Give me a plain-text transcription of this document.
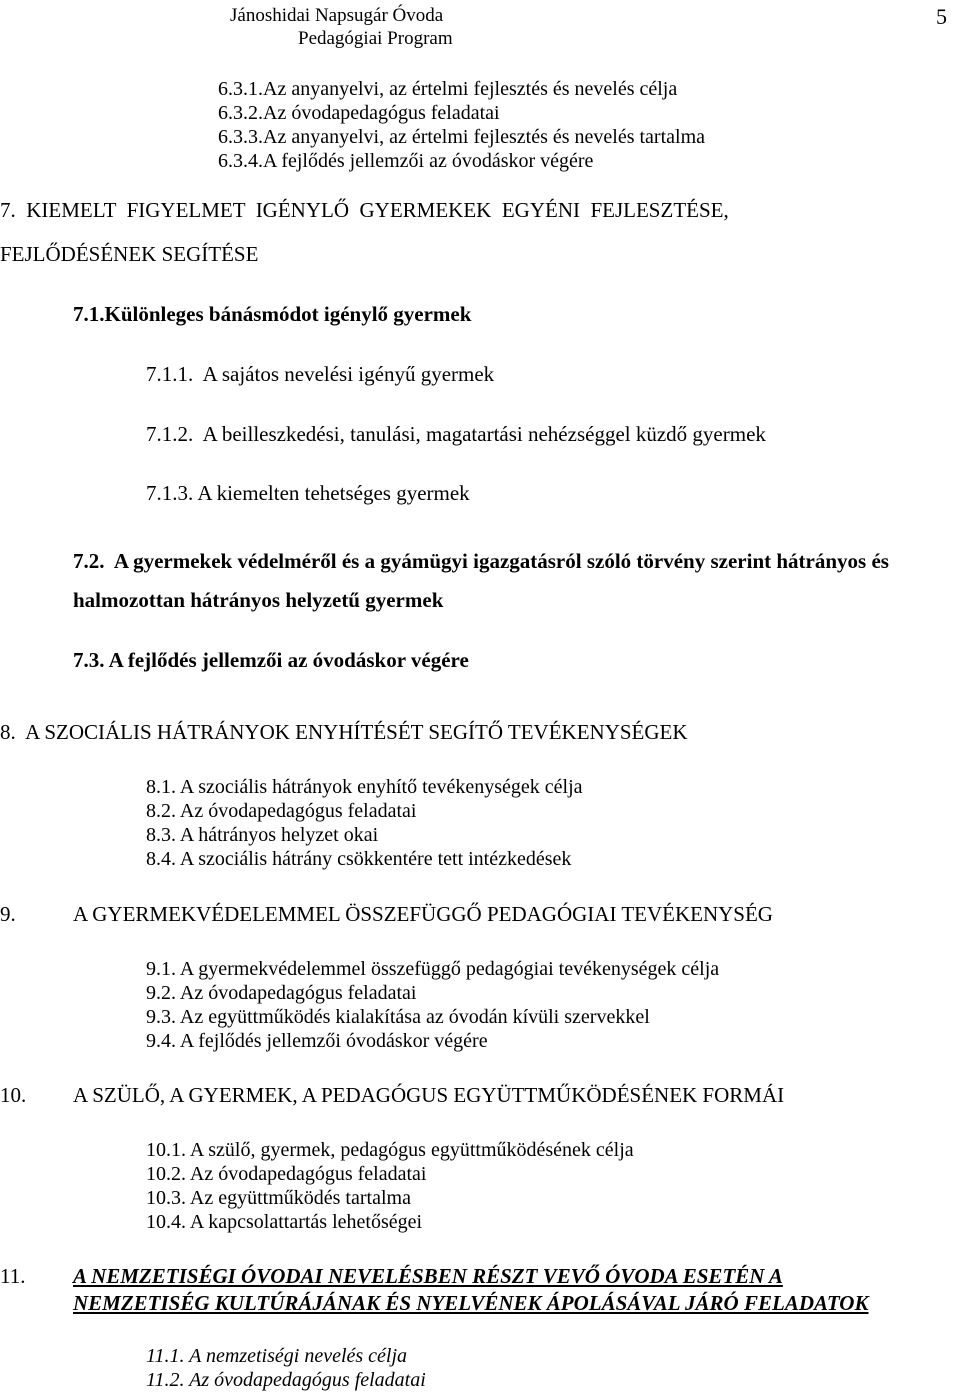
Jánoshidai Napsugár Óvoda
Pedagógiai Program
5
6.3.1.Az anyanyelvi, az értelmi fejlesztés és nevelés célja
6.3.2.Az óvodapedagógus feladatai
6.3.3.Az anyanyelvi, az értelmi fejlesztés és nevelés tartalma
6.3.4.A fejlődés jellemzői az óvodáskor végére
7.  KIEMELT  FIGYELMET  IGÉNYLŐ  GYERMEKEK  EGYÉNI  FEJLESZTÉSE,
FEJLŐDÉSÉNEK SEGÍTÉSE
7.1.Különleges bánásmódot igénylő gyermek
7.1.1.  A sajátos nevelési igényű gyermek
7.1.2.  A beilleszkedési, tanulási, magatartási nehézséggel küzdő gyermek
7.1.3. A kiemelten tehetséges gyermek
7.2.  A gyermekek védelméről és a gyámügyi igazgatásról szóló törvény szerint hátrányos és
halmozottan hátrányos helyzetű gyermek
7.3. A fejlődés jellemzői az óvodáskor végére
8.  A SZOCIÁLIS HÁTRÁNYOK ENYHÍTÉSÉT SEGÍTŐ TEVÉKENYSÉGEK
8.1. A szociális hátrányok enyhítő tevékenységek célja
8.2. Az óvodapedagógus feladatai
8.3. A hátrányos helyzet okai
8.4. A szociális hátrány csökkentére tett intézkedések
9.	A GYERMEKVÉDELEMMEL ÖSSZEFÜGGŐ PEDAGÓGIAI TEVÉKENYSÉG
9.1. A gyermekvédelemmel összefüggő pedagógiai tevékenységek célja
9.2. Az óvodapedagógus feladatai
9.3. Az együttműködés kialakítása az óvodán kívüli szervekkel
9.4. A fejlődés jellemzői óvodáskor végére
10. A SZÜLŐ, A GYERMEK, A PEDAGÓGUS EGYÜTTMŰKÖDÉSÉNEK FORMÁI
10.1. A szülő, gyermek, pedagógus együttműködésének célja
10.2. Az óvodapedagógus feladatai
10.3. Az együttműködés tartalma
10.4. A kapcsolattartás lehetőségei
11. A NEMZETISÉGI ÓVODAI NEVELÉSBEN RÉSZT VEVŐ ÓVODA ESETÉN A
NEMZETISÉG KULTÚRÁJÁNAK ÉS NYELVÉNEK ÁPOLÁSÁVAL JÁRÓ FELADATOK
11.1. A nemzetiségi nevelés célja
11.2. Az óvodapedagógus feladatai
